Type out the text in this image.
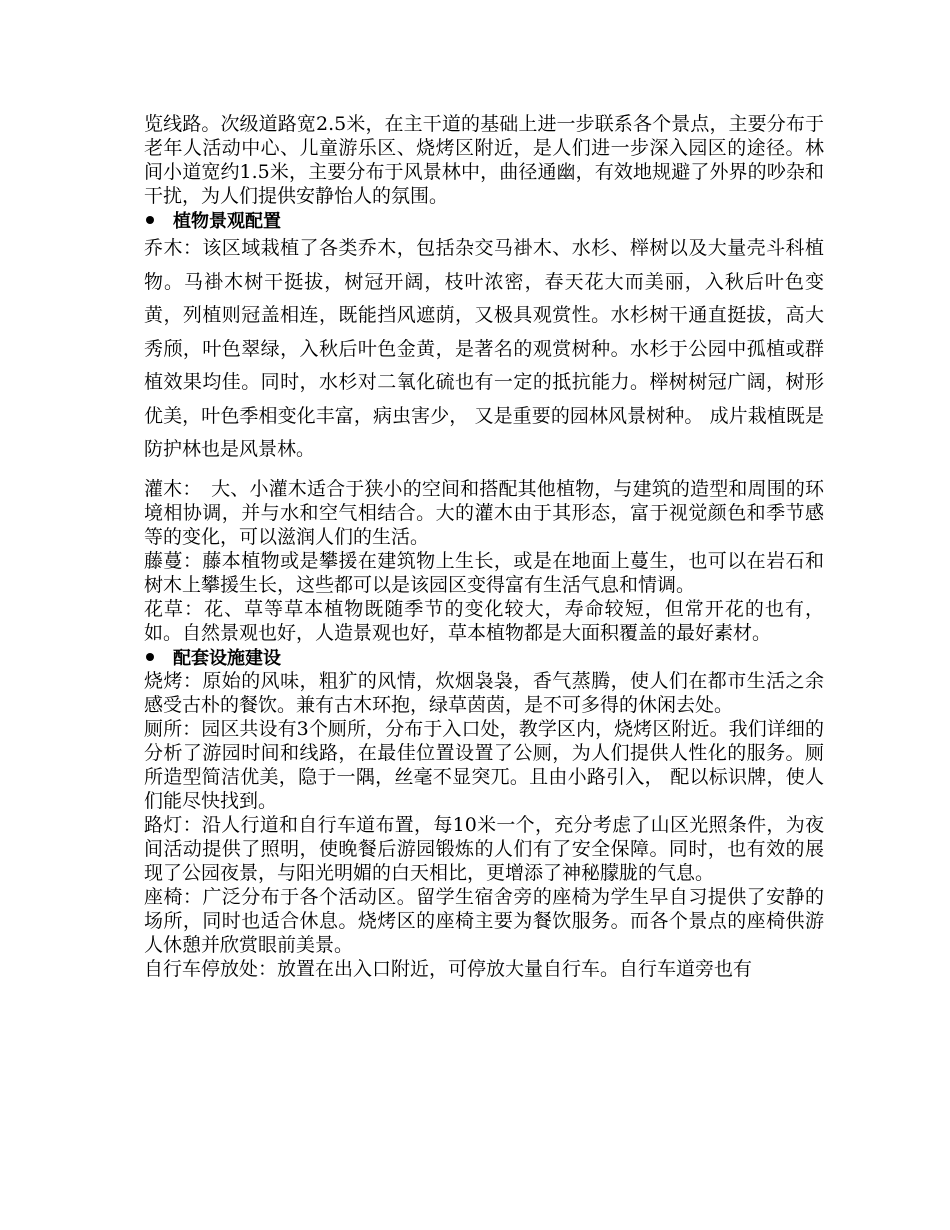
览线路。次级道路宽2.5米，在主干道的基础上进一步联系各个景点，主要分布于老年人活动中心、儿童游乐区、烧烤区附近，是人们进一步深入园区的途径。林间小道宽约1.5米，主要分布于风景林中，曲径通幽，有效地规避了外界的吵杂和干扰，为人们提供安静怡人的氛围。

植物景观配置

乔木：该区域栽植了各类乔木，包括杂交马褂木、水杉、榉树以及大量壳斗科植物。马褂木树干挺拔，树冠开阔，枝叶浓密，春天花大而美丽，入秋后叶色变黄，列植则冠盖相连，既能挡风遮荫，又极具观赏性。水杉树干通直挺拔，高大秀颀，叶色翠绿，入秋后叶色金黄，是著名的观赏树种。水杉于公园中孤植或群植效果均佳。同时，水杉对二氧化硫也有一定的抵抗能力。榉树树冠广阔，树形优美，叶色季相变化丰富，病虫害少， 又是重要的园林风景树种。 成片栽植既是防护林也是风景林。

灌木：　大、小灌木适合于狭小的空间和搭配其他植物，与建筑的造型和周围的环境相协调，并与水和空气相结合。大的灌木由于其形态，富于视觉颜色和季节感等的变化，可以滋润人们的生活。

藤蔓：藤本植物或是攀援在建筑物上生长，或是在地面上蔓生，也可以在岩石和树木上攀援生长，这些都可以是该园区变得富有生活气息和情调。

花草：花、草等草本植物既随季节的变化较大，寿命较短，但常开花的也有，如。自然景观也好，人造景观也好，草本植物都是大面积覆盖的最好素材。

配套设施建设

烧烤：原始的风味，粗犷的风情，炊烟袅袅，香气蒸腾，使人们在都市生活之余感受古朴的餐饮。兼有古木环抱，绿草茵茵，是不可多得的休闲去处。

厕所：园区共设有3个厕所，分布于入口处，教学区内，烧烤区附近。我们详细的分析了游园时间和线路，在最佳位置设置了公厕，为人们提供人性化的服务。厕所造型简洁优美，隐于一隅，丝毫不显突兀。且由小路引入， 配以标识牌，使人们能尽快找到。

路灯：沿人行道和自行车道布置，每10米一个，充分考虑了山区光照条件，为夜间活动提供了照明，使晚餐后游园锻炼的人们有了安全保障。同时，也有效的展现了公园夜景，与阳光明媚的白天相比，更增添了神秘朦胧的气息。

座椅：广泛分布于各个活动区。留学生宿舍旁的座椅为学生早自习提供了安静的场所，同时也适合休息。烧烤区的座椅主要为餐饮服务。而各个景点的座椅供游人休憩并欣赏眼前美景。

自行车停放处：放置在出入口附近，可停放大量自行车。自行车道旁也有
